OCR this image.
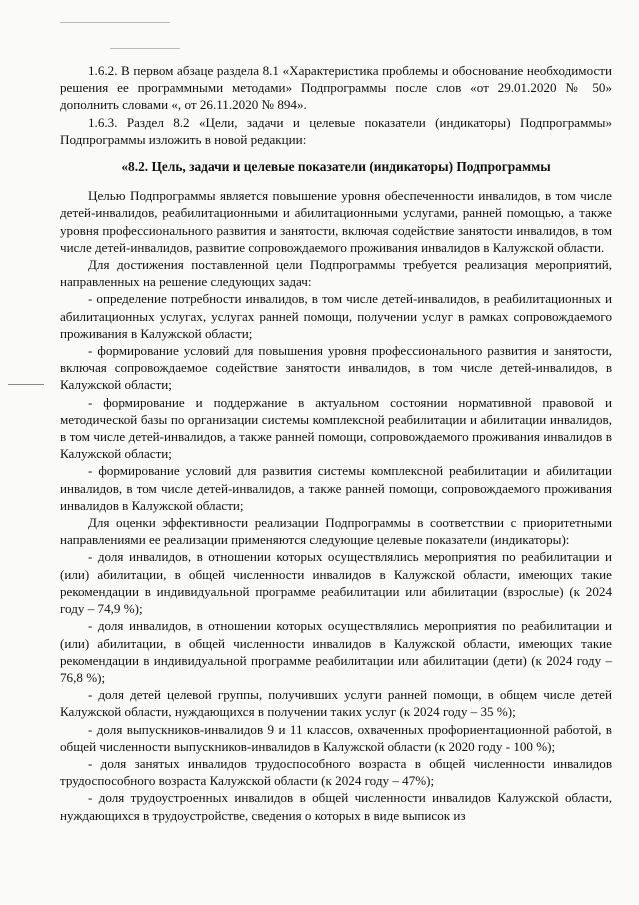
1.6.2. В первом абзаце раздела 8.1 «Характеристика проблемы и обоснование необходимости решения ее программными методами» Подпрограммы после слов «от 29.01.2020 № 50» дополнить словами «, от 26.11.2020 № 894».

1.6.3. Раздел 8.2 «Цели, задачи и целевые показатели (индикаторы) Подпрограммы» Подпрограммы изложить в новой редакции:

«8.2. Цель, задачи и целевые показатели (индикаторы) Подпрограммы

Целью Подпрограммы является повышение уровня обеспеченности инвалидов, в том числе детей-инвалидов, реабилитационными и абилитационными услугами, ранней помощью, а также уровня профессионального развития и занятости, включая содействие занятости инвалидов, в том числе детей-инвалидов, развитие сопровождаемого проживания инвалидов в Калужской области.

Для достижения поставленной цели Подпрограммы требуется реализация мероприятий, направленных на решение следующих задач:

- определение потребности инвалидов, в том числе детей-инвалидов, в реабилитационных и абилитационных услугах, услугах ранней помощи, получении услуг в рамках сопровождаемого проживания в Калужской области;

- формирование условий для повышения уровня профессионального развития и занятости, включая сопровождаемое содействие занятости инвалидов, в том числе детей-инвалидов, в Калужской области;

- формирование и поддержание в актуальном состоянии нормативной правовой и методической базы по организации системы комплексной реабилитации и абилитации инвалидов, в том числе детей-инвалидов, а также ранней помощи, сопровождаемого проживания инвалидов в Калужской области;

- формирование условий для развития системы комплексной реабилитации и абилитации инвалидов, в том числе детей-инвалидов, а также ранней помощи, сопровождаемого проживания инвалидов в Калужской области;

Для оценки эффективности реализации Подпрограммы в соответствии с приоритетными направлениями ее реализации применяются следующие целевые показатели (индикаторы):

- доля инвалидов, в отношении которых осуществлялись мероприятия по реабилитации и (или) абилитации, в общей численности инвалидов в Калужской области, имеющих такие рекомендации в индивидуальной программе реабилитации или абилитации (взрослые) (к 2024 году – 74,9 %);

- доля инвалидов, в отношении которых осуществлялись мероприятия по реабилитации и (или) абилитации, в общей численности инвалидов в Калужской области, имеющих такие рекомендации в индивидуальной программе реабилитации или абилитации (дети) (к 2024 году – 76,8 %);

- доля детей целевой группы, получивших услуги ранней помощи, в общем числе детей Калужской области, нуждающихся в получении таких услуг (к 2024 году – 35 %);

- доля выпускников-инвалидов 9 и 11 классов, охваченных профориентационной работой, в общей численности выпускников-инвалидов в Калужской области (к 2020 году - 100 %);

- доля занятых инвалидов трудоспособного возраста в общей численности инвалидов трудоспособного возраста Калужской области (к 2024 году – 47%);

- доля трудоустроенных инвалидов в общей численности инвалидов Калужской области, нуждающихся в трудоустройстве, сведения о которых в виде выписок из
